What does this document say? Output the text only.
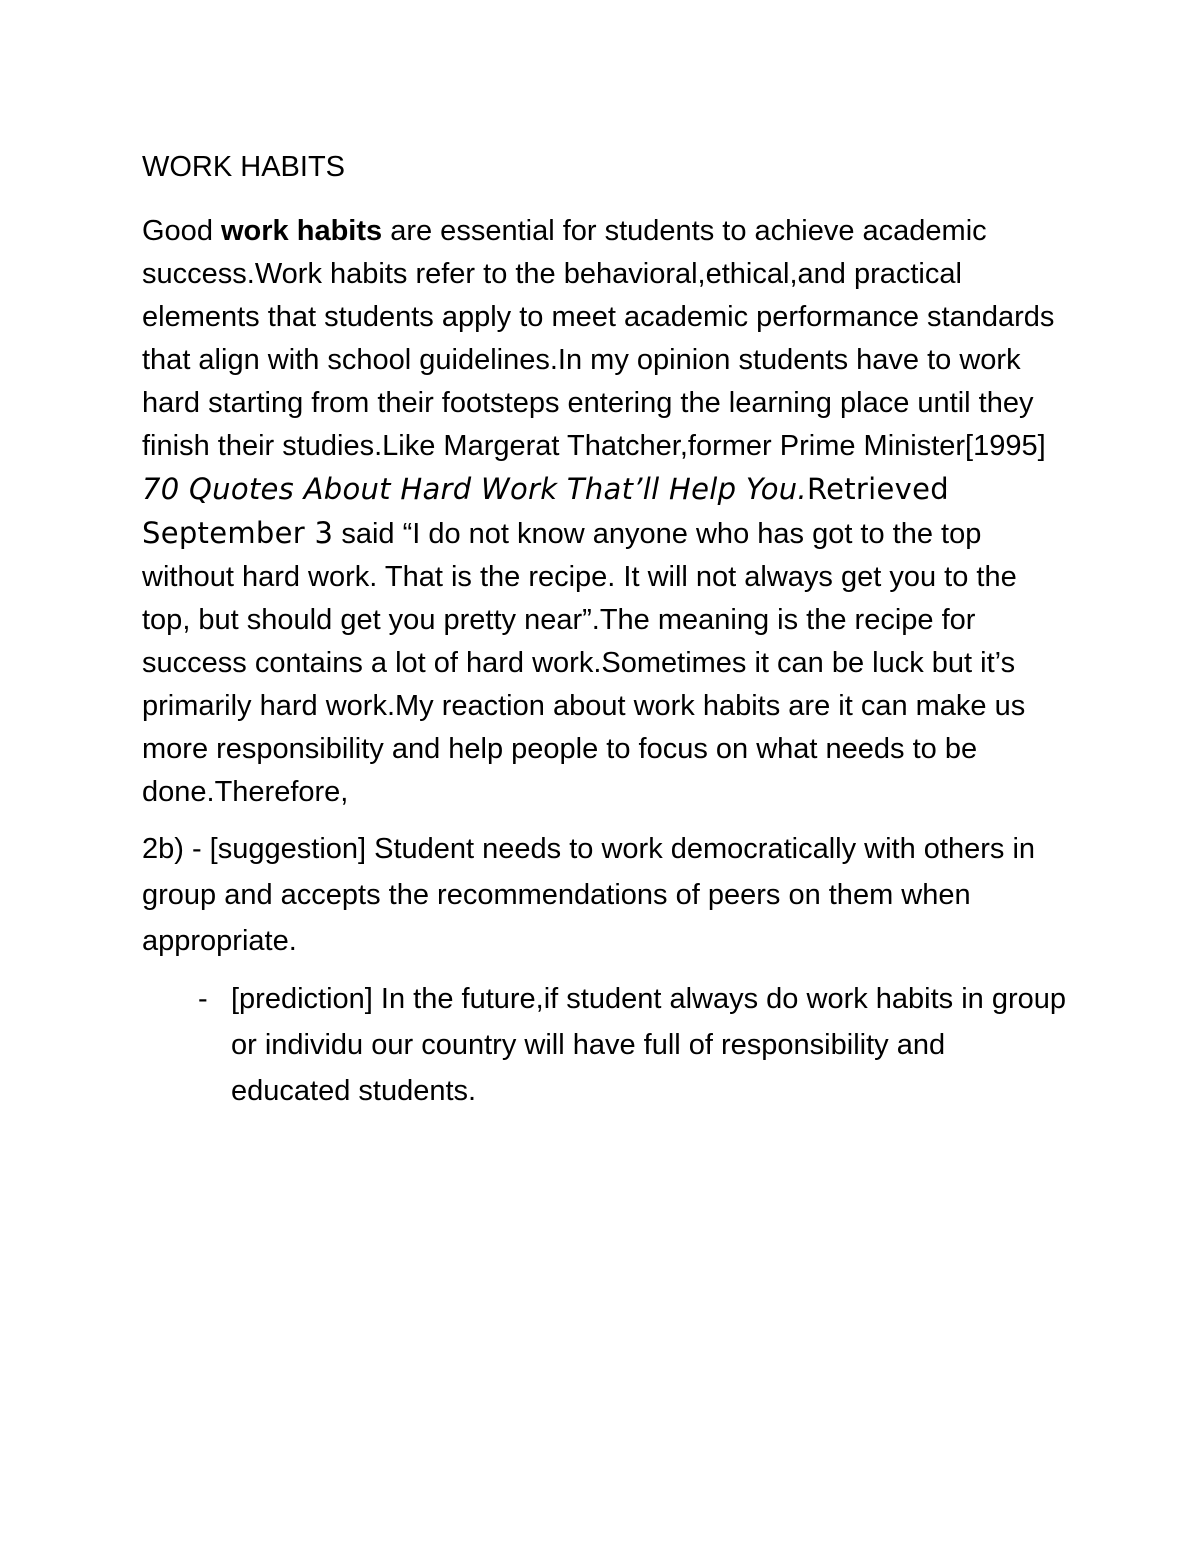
WORK HABITS

Good work habits are essential for students to achieve academic success.Work habits refer to the behavioral,ethical,and practical elements that students apply to meet academic performance standards that align with school guidelines.In my opinion students have to work hard starting from their footsteps entering the learning place until they finish their studies.Like Margerat Thatcher,former Prime Minister[1995] 70 Quotes About Hard Work That’ll Help You.Retrieved September 3 said “I do not know anyone who has got to the top without hard work. That is the recipe. It will not always get you to the top, but should get you pretty near”.The meaning is the recipe for success contains a lot of hard work.Sometimes it can be luck but it’s primarily hard work.My reaction about work habits are it can make us more responsibility and help people to focus on what needs to be done.Therefore,

2b) - [suggestion] Student needs to work democratically with others in group and accepts the recommendations of peers on them when appropriate.

- [prediction] In the future,if student always do work habits in group or individu our country will have full of responsibility and educated students.
